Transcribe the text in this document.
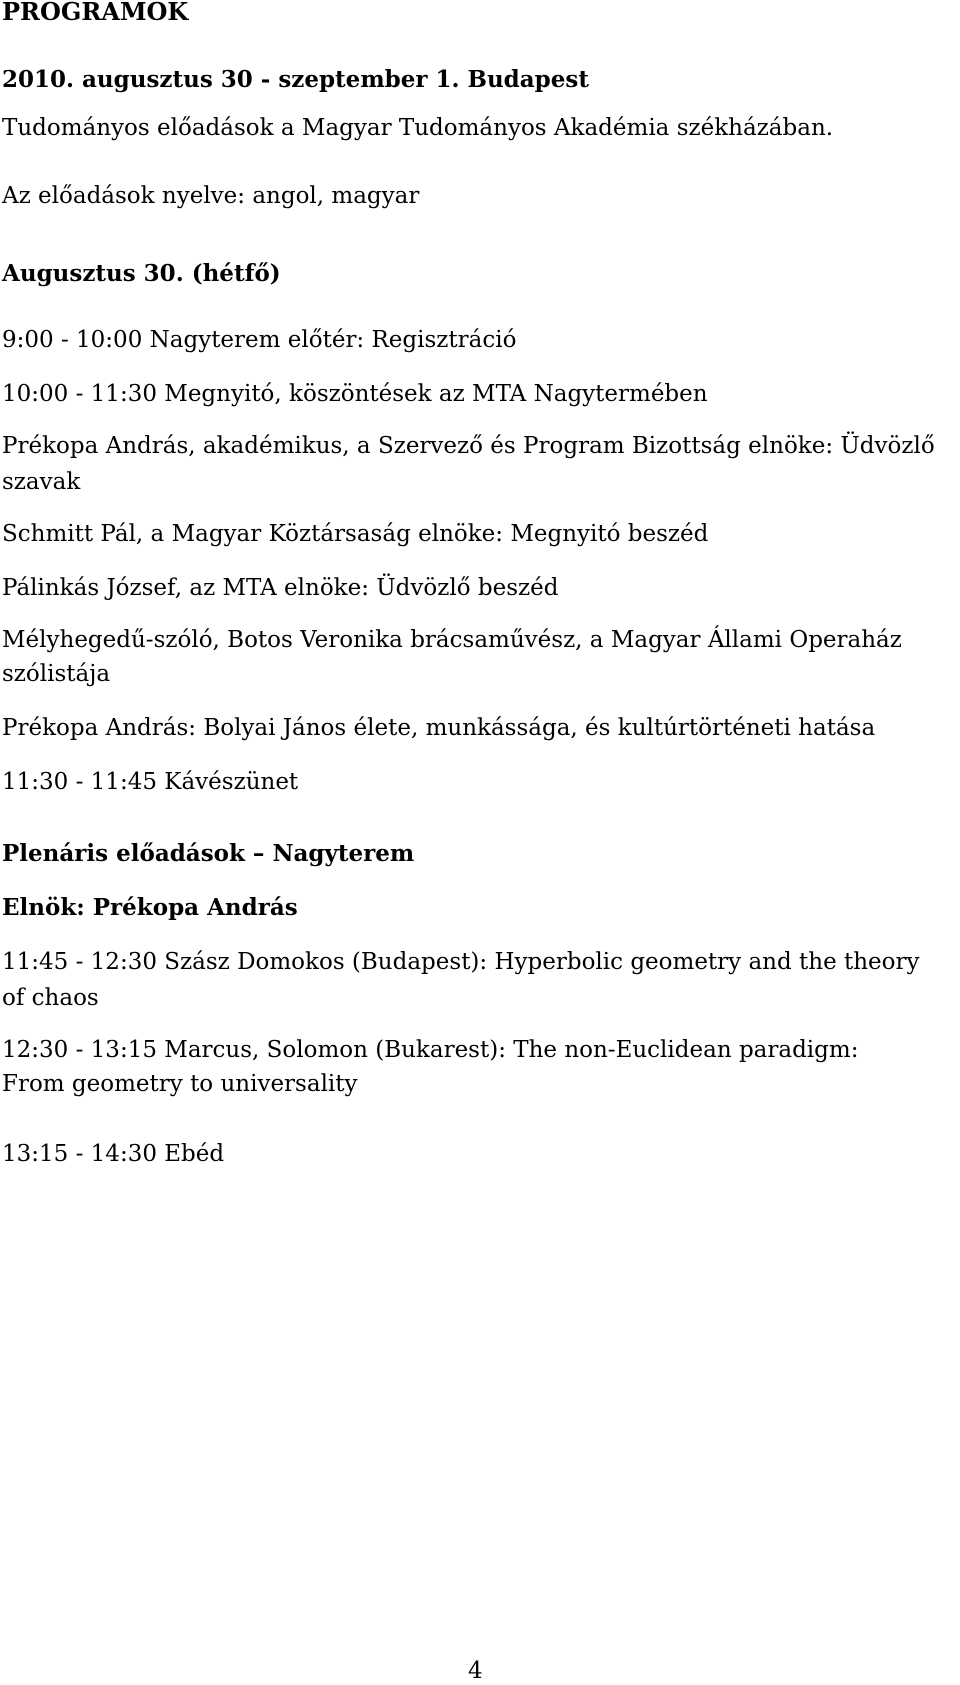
PROGRAMOK
2010. augusztus 30 - szeptember 1. Budapest
Tudományos előadások a Magyar Tudományos Akadémia székházában.
Az előadások nyelve: angol, magyar
Augusztus 30. (hétfő)
9:00 - 10:00 Nagyterem előtér: Regisztráció
10:00 - 11:30 Megnyitó, köszöntések az MTA Nagytermében
Prékopa András, akadémikus, a Szervező és Program Bizottság elnöke: Üdvözlő
szavak
Schmitt Pál, a Magyar Köztársaság elnöke: Megnyitó beszéd
Pálinkás József, az MTA elnöke: Üdvözlő beszéd
Mélyhegedű-szóló, Botos Veronika brácsaművész, a Magyar Állami Operaház
szólistája
Prékopa András: Bolyai János élete, munkássága, és kultúrtörténeti hatása
11:30 - 11:45 Kávészünet
Plenáris előadások – Nagyterem
Elnök: Prékopa András
11:45 - 12:30 Szász Domokos (Budapest): Hyperbolic geometry and the theory
of chaos
12:30 - 13:15 Marcus, Solomon (Bukarest): The non-Euclidean paradigm:
From geometry to universality
13:15 - 14:30 Ebéd
4
